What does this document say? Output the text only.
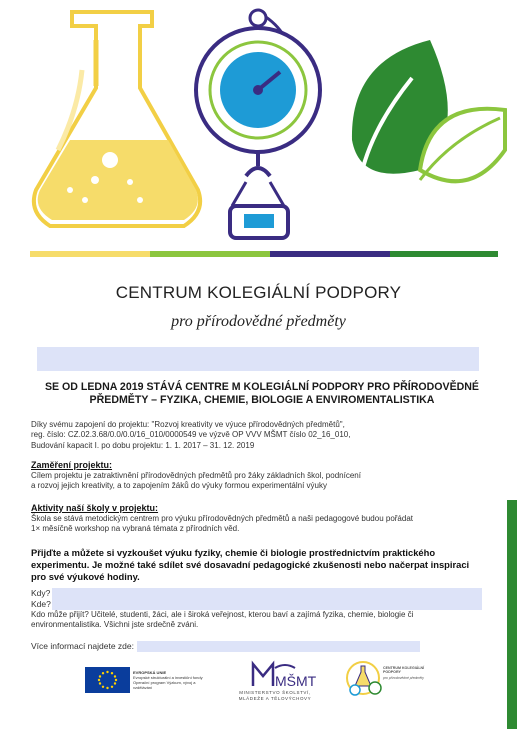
CENTRUM KOLEGIÁLNÍ PODPORY
pro přírodovědné předměty
SE OD LEDNA 2019 STÁVÁ CENTRE M KOLEGIÁLNÍ PODPORY PRO PŘÍRODOVĚDNÉ PŘEDMĚTY – FYZIKA, CHEMIE, BIOLOGIE A ENVIROMENTALISTIKA
Díky svému zapojení do projektu: "Rozvoj kreativity ve výuce přírodovědných předmětů",
reg. číslo: CZ.02.3.68/0.0/0.0/16_010/0000549 ve výzvě OP VVV MŠMT číslo 02_16_010,
Budování kapacit I. po dobu projektu: 1. 1. 2017 – 31. 12. 2019
Zaměření projektu:
Cílem projektu je zatraktivnění přírodovědných předmětů pro žáky základních škol, podnícení
a rozvoj jejich kreativity, a to zapojením žáků do výuky formou experimentální výuky
Aktivity naší školy v projektu:
Škola se stává metodickým centrem pro výuku přírodovědných předmětů a naši pedagogové budou pořádat
1× měsíčně workshop na vybraná témata z přírodních věd.
Přijďte a můžete si vyzkoušet výuku fyziky, chemie či biologie prostřednictvím praktického
experimentu. Je možné také sdílet své dosavadní pedagogické zkušenosti nebo načerpat inspiraci
pro své výukové hodiny.
Kdy?
Kde?
Kdo může přijít? Učitelé, studenti, žáci, ale i široká veřejnost, kterou baví a zajímá fyzika, chemie, biologie či
environmentalistika. Všichni jste srdečně zváni.
Více informací najdete zde:
EVROPSKÁ UNIE
Evropské strukturální a investiční fondy
Operační program Výzkum, vývoj a vzdělávání	MŠMT
MINISTERSTVO ŠKOLSTVÍ,
MLÁDEŽE A TĚLOVÝCHOVY
CENTRUM KOLEGIÁLNÍ PODPORY
pro přírodovědné předměty
